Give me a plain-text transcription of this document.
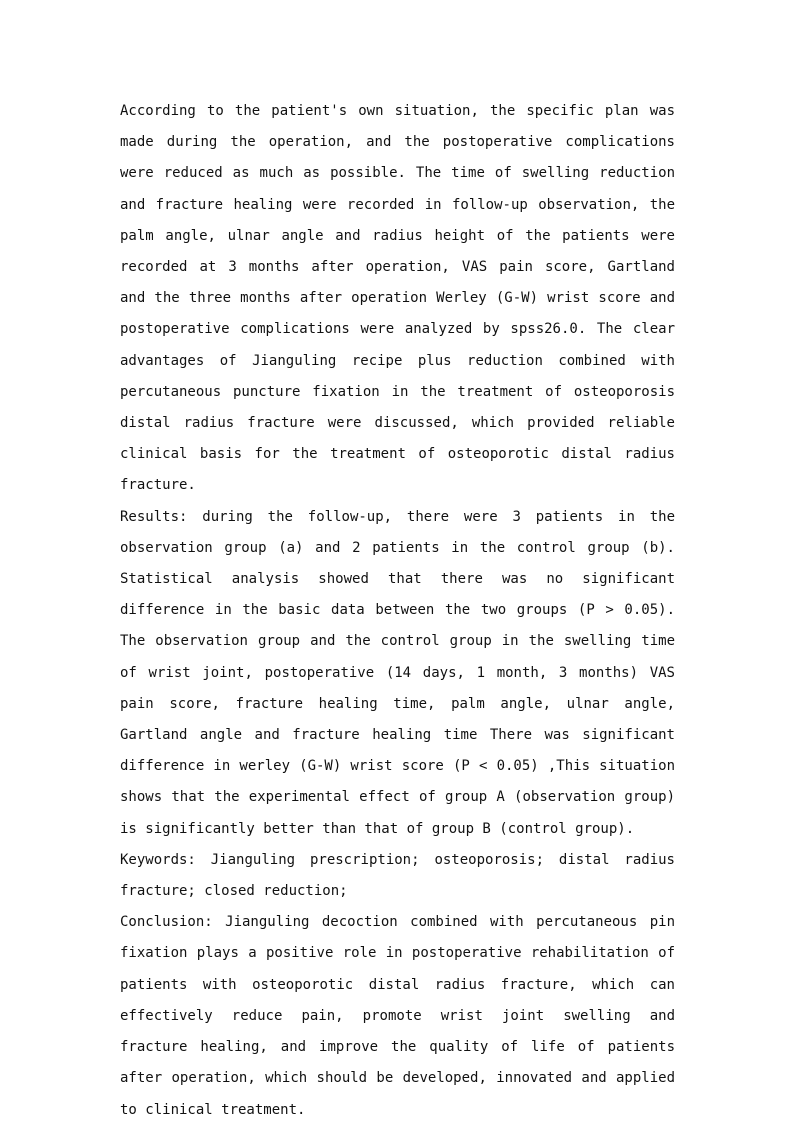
According to the patient's own situation, the specific plan was made during the operation, and the postoperative complications were reduced as much as possible. The time of swelling reduction and fracture healing were recorded in follow-up observation, the palm angle, ulnar angle and radius height of the patients were recorded at 3 months after operation, VAS pain score, Gartland and the three months after operation Werley (G-W) wrist score and postoperative complications were analyzed by spss26.0. The clear advantages of Jianguling recipe plus reduction combined with percutaneous puncture fixation in the treatment of osteoporosis distal radius fracture were discussed, which provided reliable clinical basis for the treatment of osteoporotic distal radius fracture.

Results: during the follow-up, there were 3 patients in the observation group (a) and 2 patients in the control group (b). Statistical analysis showed that there was no significant difference in the basic data between the two groups (P > 0.05). The observation group and the control group in the swelling time of wrist joint, postoperative (14 days, 1 month, 3 months) VAS pain score, fracture healing time, palm angle, ulnar angle, Gartland angle and fracture healing time There was significant difference in werley (G-W) wrist score (P < 0.05) ,This situation shows that the experimental effect of group A (observation group) is significantly better than that of group B (control group).

Keywords: Jianguling prescription; osteoporosis; distal radius fracture; closed reduction;

Conclusion: Jianguling decoction combined with percutaneous pin fixation plays a positive role in postoperative rehabilitation of patients with osteoporotic distal radius fracture, which can effectively reduce pain, promote wrist joint swelling and fracture healing, and improve the quality of life of patients after operation, which should be developed, innovated and applied to clinical treatment.
